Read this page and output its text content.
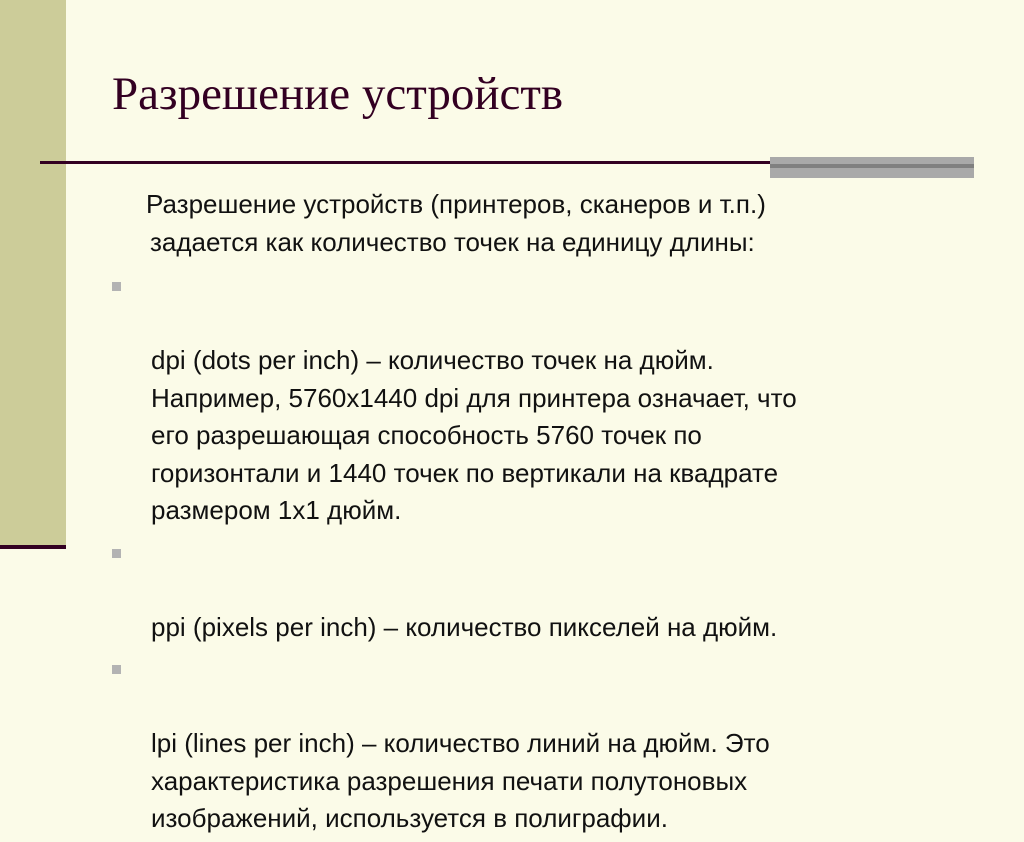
Разрешение устройств

Разрешение устройств (принтеров, сканеров и т.п.)
задается как количество точек на единицу длины:

dpi (dots per inch) – количество точек на дюйм.
Например, 5760x1440 dpi для принтера означает, что
его разрешающая способность 5760 точек по
горизонтали и 1440 точек по вертикали на квадрате
размером 1x1 дюйм.

ppi (pixels per inch) – количество пикселей на дюйм.

lpi (lines per inch) – количество линий на дюйм. Это
характеристика разрешения печати полутоновых
изображений, используется в полиграфии.
